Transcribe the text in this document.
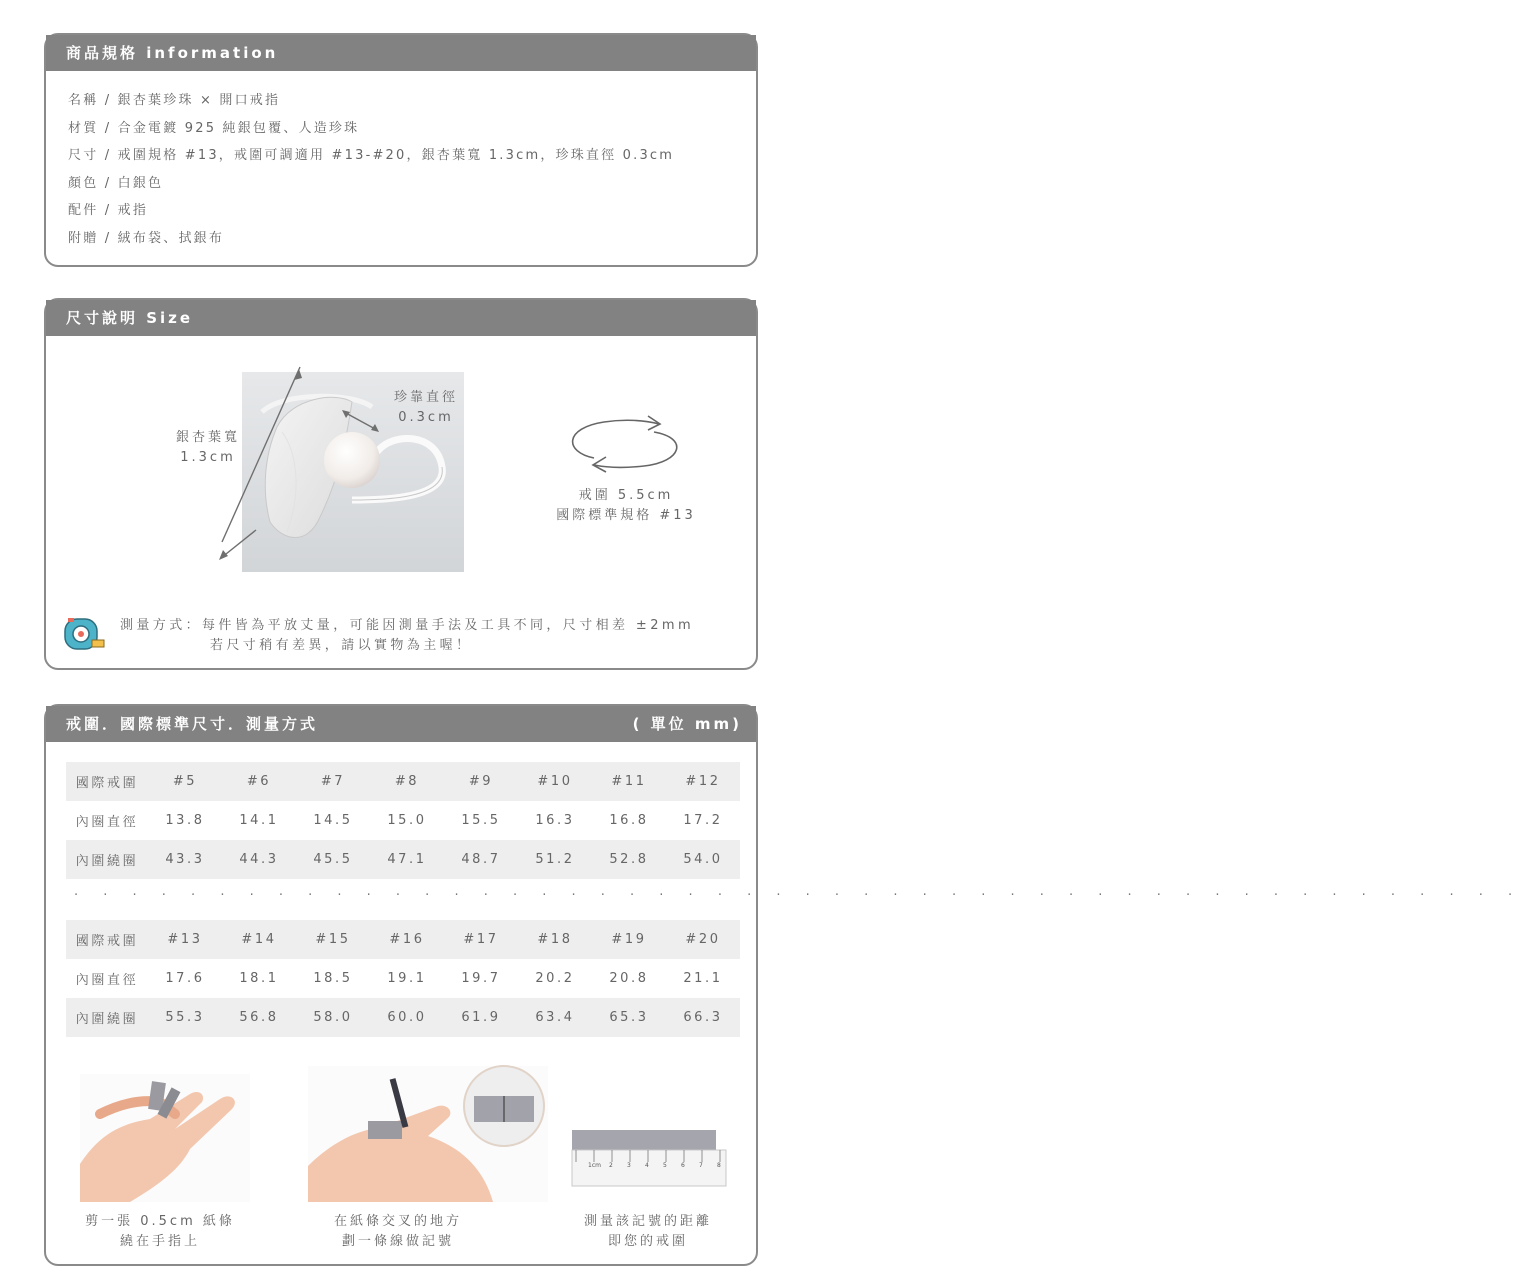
商品規格 information
名稱 / 銀杏葉珍珠 × 開口戒指
材質 / 合金電鍍 925 純銀包覆、人造珍珠
尺寸 / 戒圍規格 #13，戒圍可調適用 #13-#20，銀杏葉寬 1.3cm，珍珠直徑 0.3cm
顏色 / 白銀色
配件 / 戒指
附贈 / 絨布袋、拭銀布
尺寸說明 Size
珍靠直徑
0.3cm
銀杏葉寬
1.3cm
戒圍 5.5cm
國際標準規格 #13
測量方式：每件皆為平放丈量，可能因測量手法及工具不同，尺寸相差 ±2mm
若尺寸稍有差異，請以實物為主喔！
戒圍．國際標準尺寸．測量方式	( 單位 mm)
國際戒圍	#5	#6	#7	#8	#9	#10	#11	#12
內圈直徑	13.8	14.1	14.5	15.0	15.5	16.3	16.8	17.2
內圍繞圈	43.3	44.3	45.5	47.1	48.7	51.2	52.8	54.0
· · · · · · · · · · · · · · · · · · · · · · · · · · · · · · · · · · · · · · · · · · · · · · · · · ·
國際戒圍	#13	#14	#15	#16	#17	#18	#19	#20
內圈直徑	17.6	18.1	18.5	19.1	19.7	20.2	20.8	21.1
內圍繞圈	55.3	56.8	58.0	60.0	61.9	63.4	65.3	66.3
1cm 2 3 4 5 6 7 8
剪一張 0.5cm 紙條
繞在手指上
在紙條交叉的地方
劃一條線做記號
測量該記號的距離
即您的戒圍
